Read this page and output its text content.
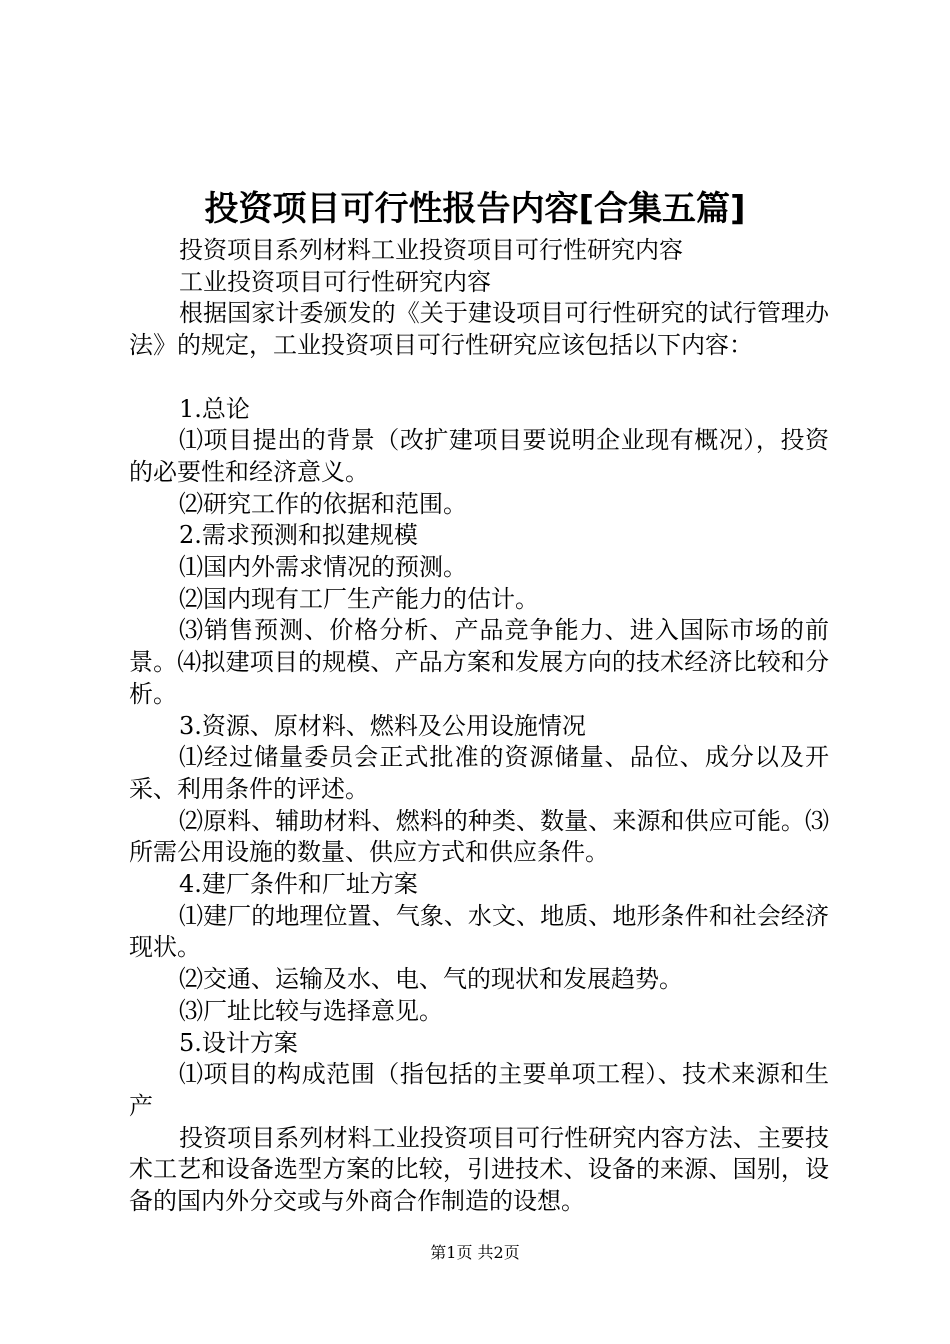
投资项目可行性报告内容[合集五篇]

投资项目系列材料工业投资项目可行性研究内容

工业投资项目可行性研究内容

根据国家计委颁发的《关于建设项目可行性研究的试行管理办法》的规定，工业投资项目可行性研究应该包括以下内容：

1.总论

⑴项目提出的背景（改扩建项目要说明企业现有概况），投资的必要性和经济意义。

⑵研究工作的依据和范围。

2.需求预测和拟建规模

⑴国内外需求情况的预测。

⑵国内现有工厂生产能力的估计。

⑶销售预测、价格分析、产品竞争能力、进入国际市场的前景。⑷拟建项目的规模、产品方案和发展方向的技术经济比较和分析。

3.资源、原材料、燃料及公用设施情况

⑴经过储量委员会正式批准的资源储量、品位、成分以及开采、利用条件的评述。

⑵原料、辅助材料、燃料的种类、数量、来源和供应可能。⑶所需公用设施的数量、供应方式和供应条件。

4.建厂条件和厂址方案

⑴建厂的地理位置、气象、水文、地质、地形条件和社会经济现状。

⑵交通、运输及水、电、气的现状和发展趋势。

⑶厂址比较与选择意见。

5.设计方案

⑴项目的构成范围（指包括的主要单项工程）、技术来源和生产

投资项目系列材料工业投资项目可行性研究内容方法、主要技术工艺和设备选型方案的比较，引进技术、设备的来源、国别，设备的国内外分交或与外商合作制造的设想。

第1页 共2页
